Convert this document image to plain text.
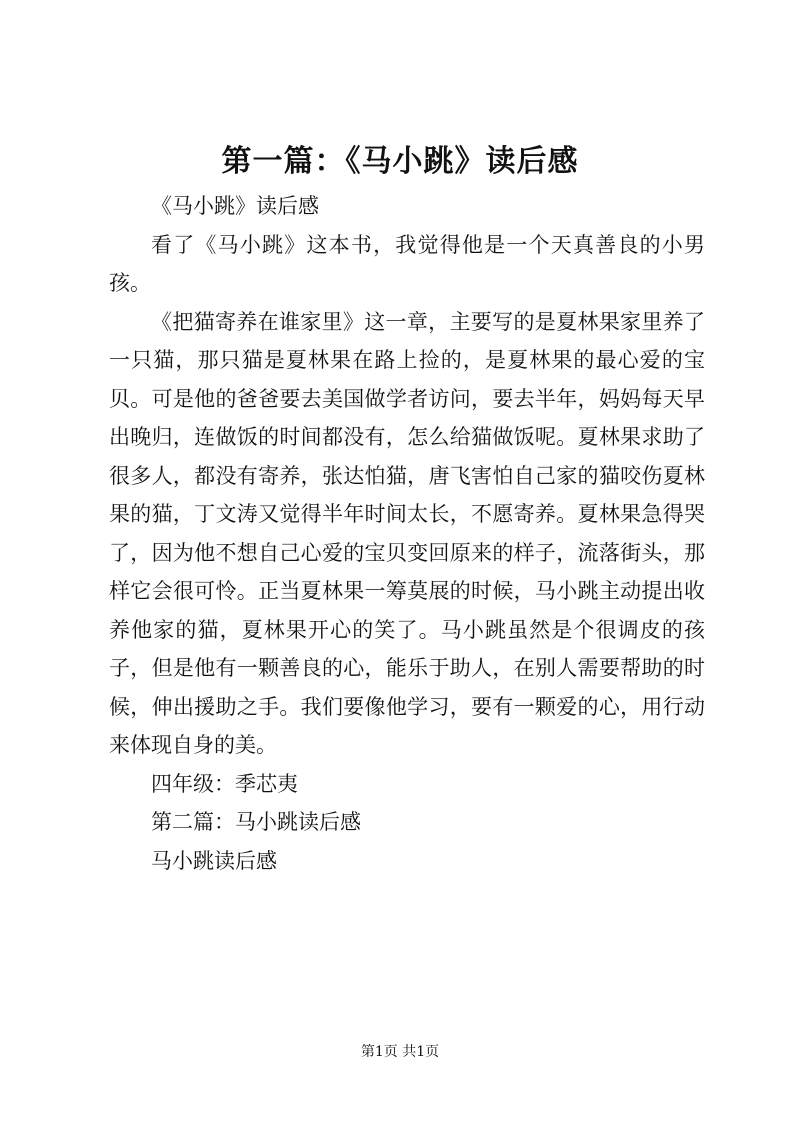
第一篇：《马小跳》读后感

《马小跳》读后感

看了《马小跳》这本书，我觉得他是一个天真善良的小男孩。

《把猫寄养在谁家里》这一章，主要写的是夏林果家里养了一只猫，那只猫是夏林果在路上捡的，是夏林果的最心爱的宝贝。可是他的爸爸要去美国做学者访问，要去半年，妈妈每天早出晚归，连做饭的时间都没有，怎么给猫做饭呢。夏林果求助了很多人，都没有寄养，张达怕猫，唐飞害怕自己家的猫咬伤夏林果的猫，丁文涛又觉得半年时间太长，不愿寄养。夏林果急得哭了，因为他不想自己心爱的宝贝变回原来的样子，流落街头，那样它会很可怜。正当夏林果一筹莫展的时候，马小跳主动提出收养他家的猫，夏林果开心的笑了。马小跳虽然是个很调皮的孩子，但是他有一颗善良的心，能乐于助人，在别人需要帮助的时候，伸出援助之手。我们要像他学习，要有一颗爱的心，用行动来体现自身的美。

四年级：季芯夷

第二篇：马小跳读后感

马小跳读后感

第1页 共1页
